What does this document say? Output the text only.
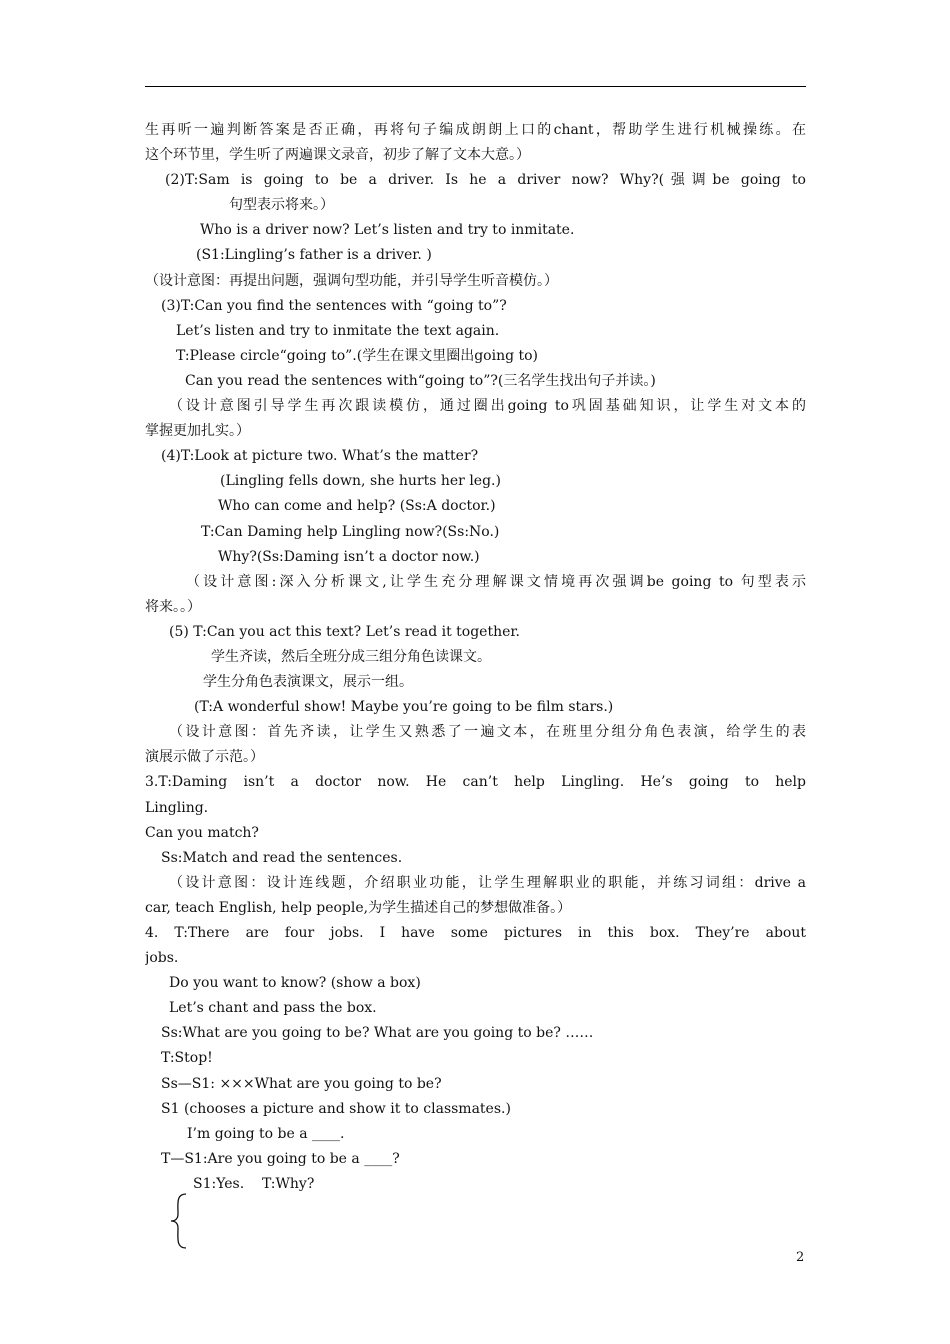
生再听一遍判断答案是否正确，再将句子编成朗朗上口的chant，帮助学生进行机械操练。在
这个环节里，学生听了两遍课文录音，初步了解了文本大意。）
(2)T:Sam is going to be a driver. Is he a driver now? Why?(强调be going to
句型表示将来。）
Who is a driver now? Let’s listen and try to inmitate.
(S1:Lingling’s father is a driver. )
（设计意图：再提出问题，强调句型功能，并引导学生听音模仿。）
(3)T:Can you find the sentences with “going to”?
Let’s listen and try to inmitate the text again.
T:Please circle“going to”.(学生在课文里圈出going to)
Can you read the sentences with“going to”?(三名学生找出句子并读。)
（设计意图引导学生再次跟读模仿，通过圈出going to巩固基础知识，让学生对文本的
掌握更加扎实。）
(4)T:Look at picture two. What’s the matter?
(Lingling fells down, she hurts her leg.)
Who can come and help? (Ss:A doctor.)
T:Can Daming help Lingling now?(Ss:No.)
Why?(Ss:Daming isn’t a doctor now.)
（设计意图:深入分析课文,让学生充分理解课文情境再次强调be going to 句型表示
将来。。）
(5) T:Can you act this text? Let’s read it together.
学生齐读，然后全班分成三组分角色读课文。
学生分角色表演课文，展示一组。
(T:A wonderful show! Maybe you’re going to be film stars.)
（设计意图：首先齐读，让学生又熟悉了一遍文本，在班里分组分角色表演，给学生的表
演展示做了示范。）
3.T:Daming isn’t a doctor now. He can’t help Lingling. He’s going to help
Lingling.
Can you match?
Ss:Match and read the sentences.
（设计意图：设计连线题，介绍职业功能，让学生理解职业的职能，并练习词组：drive a
car, teach English, help people,为学生描述自己的梦想做准备。）
4. T:There are four jobs. I have some pictures in this box. They’re about
jobs.
Do you want to know? (show a box)
Let’s chant and pass the box.
Ss:What are you going to be? What are you going to be? ……
T:Stop!
Ss—S1: ×××What are you going to be?
S1 (chooses a picture and show it to classmates.)
I’m going to be a ____.
T—S1:Are you going to be a ____?
S1:Yes.    T:Why?
2
